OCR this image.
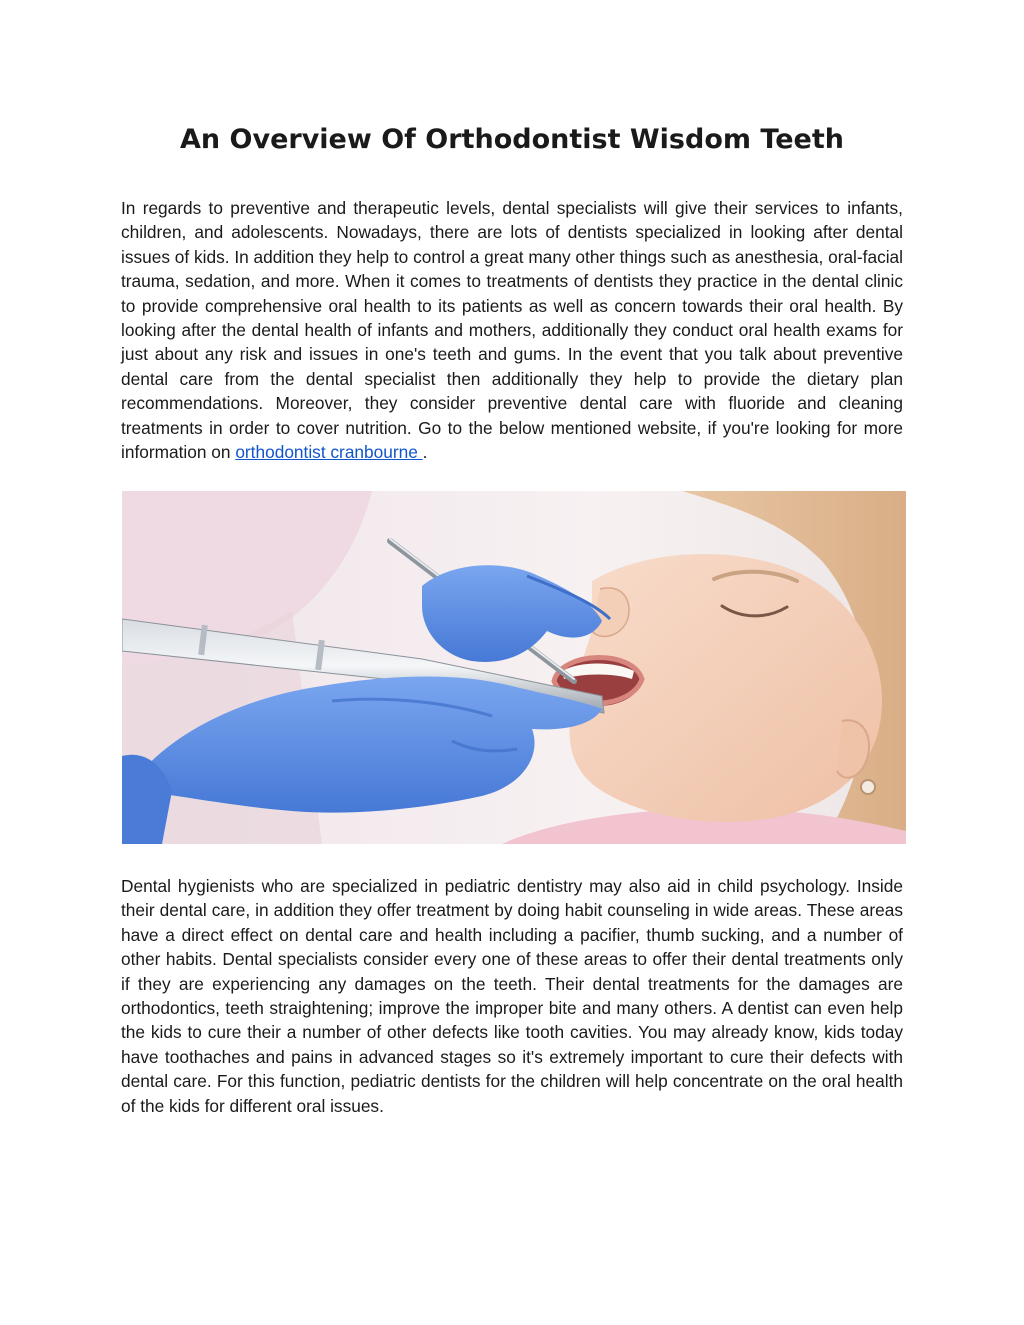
An Overview Of Orthodontist Wisdom Teeth

In regards to preventive and therapeutic levels, dental specialists will give their services to infants, children, and adolescents. Nowadays, there are lots of dentists specialized in looking after dental issues of kids. In addition they help to control a great many other things such as anesthesia, oral-facial trauma, sedation, and more. When it comes to treatments of dentists they practice in the dental clinic to provide comprehensive oral health to its patients as well as concern towards their oral health. By looking after the dental health of infants and mothers, additionally they conduct oral health exams for just about any risk and issues in one's teeth and gums. In the event that you talk about preventive dental care from the dental specialist then additionally they help to provide the dietary plan recommendations. Moreover, they consider preventive dental care with fluoride and cleaning treatments in order to cover nutrition. Go to the below mentioned website, if you're looking for more information on orthodontist cranbourne .

Dental hygienists who are specialized in pediatric dentistry may also aid in child psychology. Inside their dental care, in addition they offer treatment by doing habit counseling in wide areas. These areas have a direct effect on dental care and health including a pacifier, thumb sucking, and a number of other habits. Dental specialists consider every one of these areas to offer their dental treatments only if they are experiencing any damages on the teeth. Their dental treatments for the damages are orthodontics, teeth straightening; improve the improper bite and many others. A dentist can even help the kids to cure their a number of other defects like tooth cavities. You may already know, kids today have toothaches and pains in advanced stages so it's extremely important to cure their defects with dental care. For this function, pediatric dentists for the children will help concentrate on the oral health of the kids for different oral issues.
